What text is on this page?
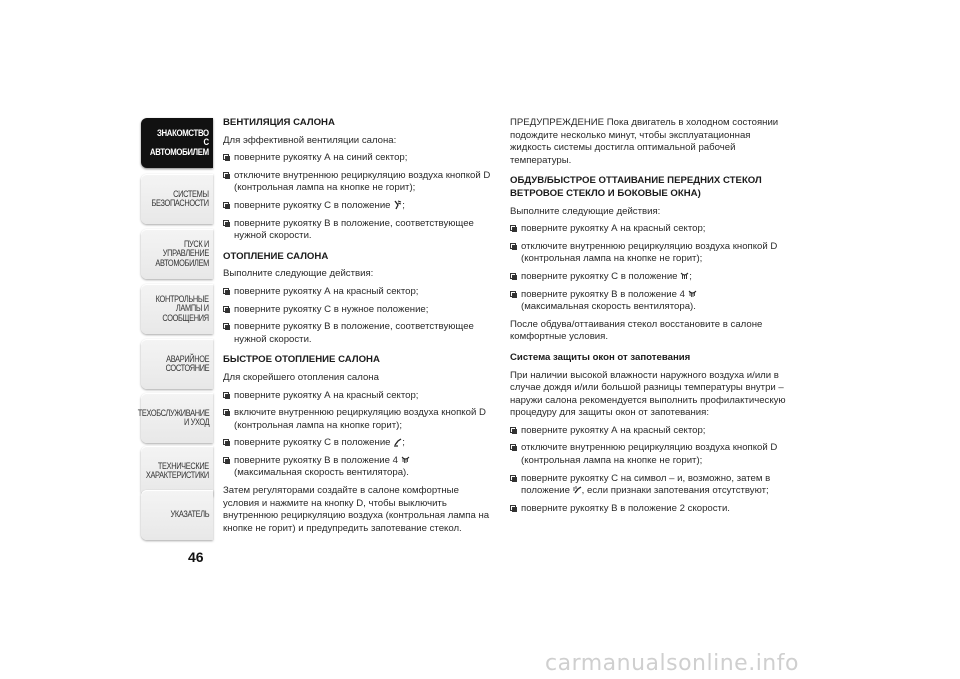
ЗНАКОМСТВО С
АВТОМОБИЛЕМ
СИСТЕМЫ
БЕЗОПАСНОСТИ
ПУСК И УПРАВЛЕНИЕ
АВТОМОБИЛЕМ
КОНТРОЛЬНЫЕ
ЛАМПЫ И
СООБЩЕНИЯ
АВАРИЙНОЕ
СОСТОЯНИЕ
ТЕХОБСЛУЖИВАНИЕ
И УХОД
ТЕХНИЧЕСКИЕ
ХАРАКТЕРИСТИКИ
УКАЗАТЕЛЬ
46

ВЕНТИЛЯЦИЯ САЛОНА

Для эффективной вентиляции салона:

поверните рукоятку А на синий сектор;

отключите внутреннюю рециркуляцию воздуха кнопкой D (контрольная лампа на кнопке не горит);

поверните рукоятку С в положение ;

поверните рукоятку В в положение, соответствующее нужной скорости.

ОТОПЛЕНИЕ САЛОНА

Выполните следующие действия:

поверните рукоятку А на красный сектор;

поверните рукоятку С в нужное положение;

поверните рукоятку В в положение, соответствующее нужной скорости.

БЫСТРОЕ ОТОПЛЕНИЕ САЛОНА

Для скорейшего отопления салона

поверните рукоятку А на красный сектор;

включите внутреннюю рециркуляцию воздуха кнопкой D (контрольная лампа на кнопке горит);

поверните рукоятку С в положение ;

поверните рукоятку В в положение 4
(максимальная скорость вентилятора).

Затем регуляторами создайте в салоне комфортные условия и нажмите на кнопку D, чтобы выключить внутреннюю рециркуляцию воздуха (контрольная лампа на кнопке не горит) и предупредить запотевание стекол.

ПРЕДУПРЕЖДЕНИЕ Пока двигатель в холодном состоянии подождите несколько минут, чтобы эксплуатационная жидкость системы достигла оптимальной рабочей температуры.

ОБДУВ/БЫСТРОЕ ОТТАИВАНИЕ ПЕРЕДНИХ СТЕКОЛ ВЕТРОВОЕ СТЕКЛО И БОКОВЫЕ ОКНА)

Выполните следующие действия:

поверните рукоятку А на красный сектор;

отключите внутреннюю рециркуляцию воздуха кнопкой D (контрольная лампа на кнопке не горит);

поверните рукоятку С в положение ;

поверните рукоятку В в положение 4
(максимальная скорость вентилятора).

После обдува/оттаивания стекол восстановите в салоне комфортные условия.

Система защиты окон от запотевания

При наличии высокой влажности наружного воздуха и/или в случае дождя и/или большой разницы температуры внутри – наружи салона рекомендуется выполнить профилактическую процедуру для защиты окон от запотевания:

поверните рукоятку А на красный сектор;

отключите внутреннюю рециркуляцию воздуха кнопкой D (контрольная лампа на кнопке не горит);

поверните рукоятку С на символ – и, возможно, затем в положение , если признаки запотевания отсутствуют;

поверните рукоятку В в положение 2 скорости.

carmanualsonline.info
